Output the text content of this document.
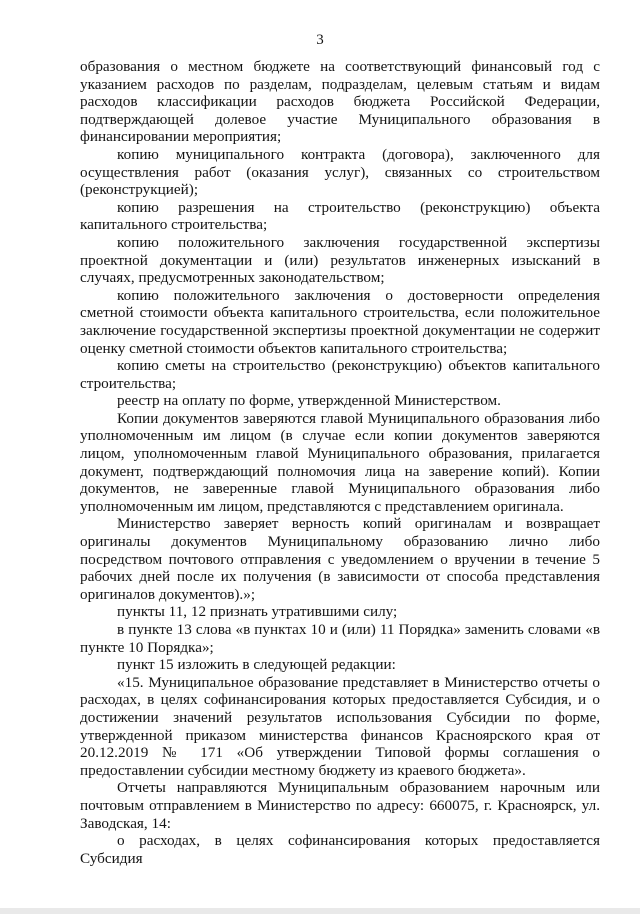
3

образования о местном бюджете на соответствующий финансовый год с указанием расходов по разделам, подразделам, целевым статьям и видам расходов классификации расходов бюджета Российской Федерации, подтверждающей долевое участие Муниципального образования в финансировании мероприятия;

копию муниципального контракта (договора), заключенного для осуществления работ (оказания услуг), связанных со строительством (реконструкцией);

копию разрешения на строительство (реконструкцию) объекта капитального строительства;

копию положительного заключения государственной экспертизы проектной документации и (или) результатов инженерных изысканий в случаях, предусмотренных законодательством;

копию положительного заключения о достоверности определения сметной стоимости объекта капитального строительства, если положительное заключение государственной экспертизы проектной документации не содержит оценку сметной стоимости объектов капитального строительства;

копию сметы на строительство (реконструкцию) объектов капитального строительства;

реестр на оплату по форме, утвержденной Министерством.

Копии документов заверяются главой Муниципального образования либо уполномоченным им лицом (в случае если копии документов заверяются лицом, уполномоченным главой Муниципального образования, прилагается документ, подтверждающий полномочия лица на заверение копий). Копии документов, не заверенные главой Муниципального образования либо уполномоченным им лицом, представляются с представлением оригинала.

Министерство заверяет верность копий оригиналам и возвращает оригиналы документов Муниципальному образованию лично либо посредством почтового отправления с уведомлением о вручении в течение 5 рабочих дней после их получения (в зависимости от способа представления оригиналов документов).»;

пункты 11, 12 признать утратившими силу;

в пункте 13 слова «в пунктах 10 и (или) 11 Порядка» заменить словами «в пункте 10 Порядка»;

пункт 15 изложить в следующей редакции:

«15. Муниципальное образование представляет в Министерство отчеты о расходах, в целях софинансирования которых предоставляется Субсидия, и о достижении значений результатов использования Субсидии по форме, утвержденной приказом министерства финансов Красноярского края от 20.12.2019 № 171 «Об утверждении Типовой формы соглашения о предоставлении субсидии местному бюджету из краевого бюджета».

Отчеты направляются Муниципальным образованием нарочным или почтовым отправлением в Министерство по адресу: 660075, г. Красноярск, ул. Заводская, 14:

о расходах, в целях софинансирования которых предоставляется Субсидия
